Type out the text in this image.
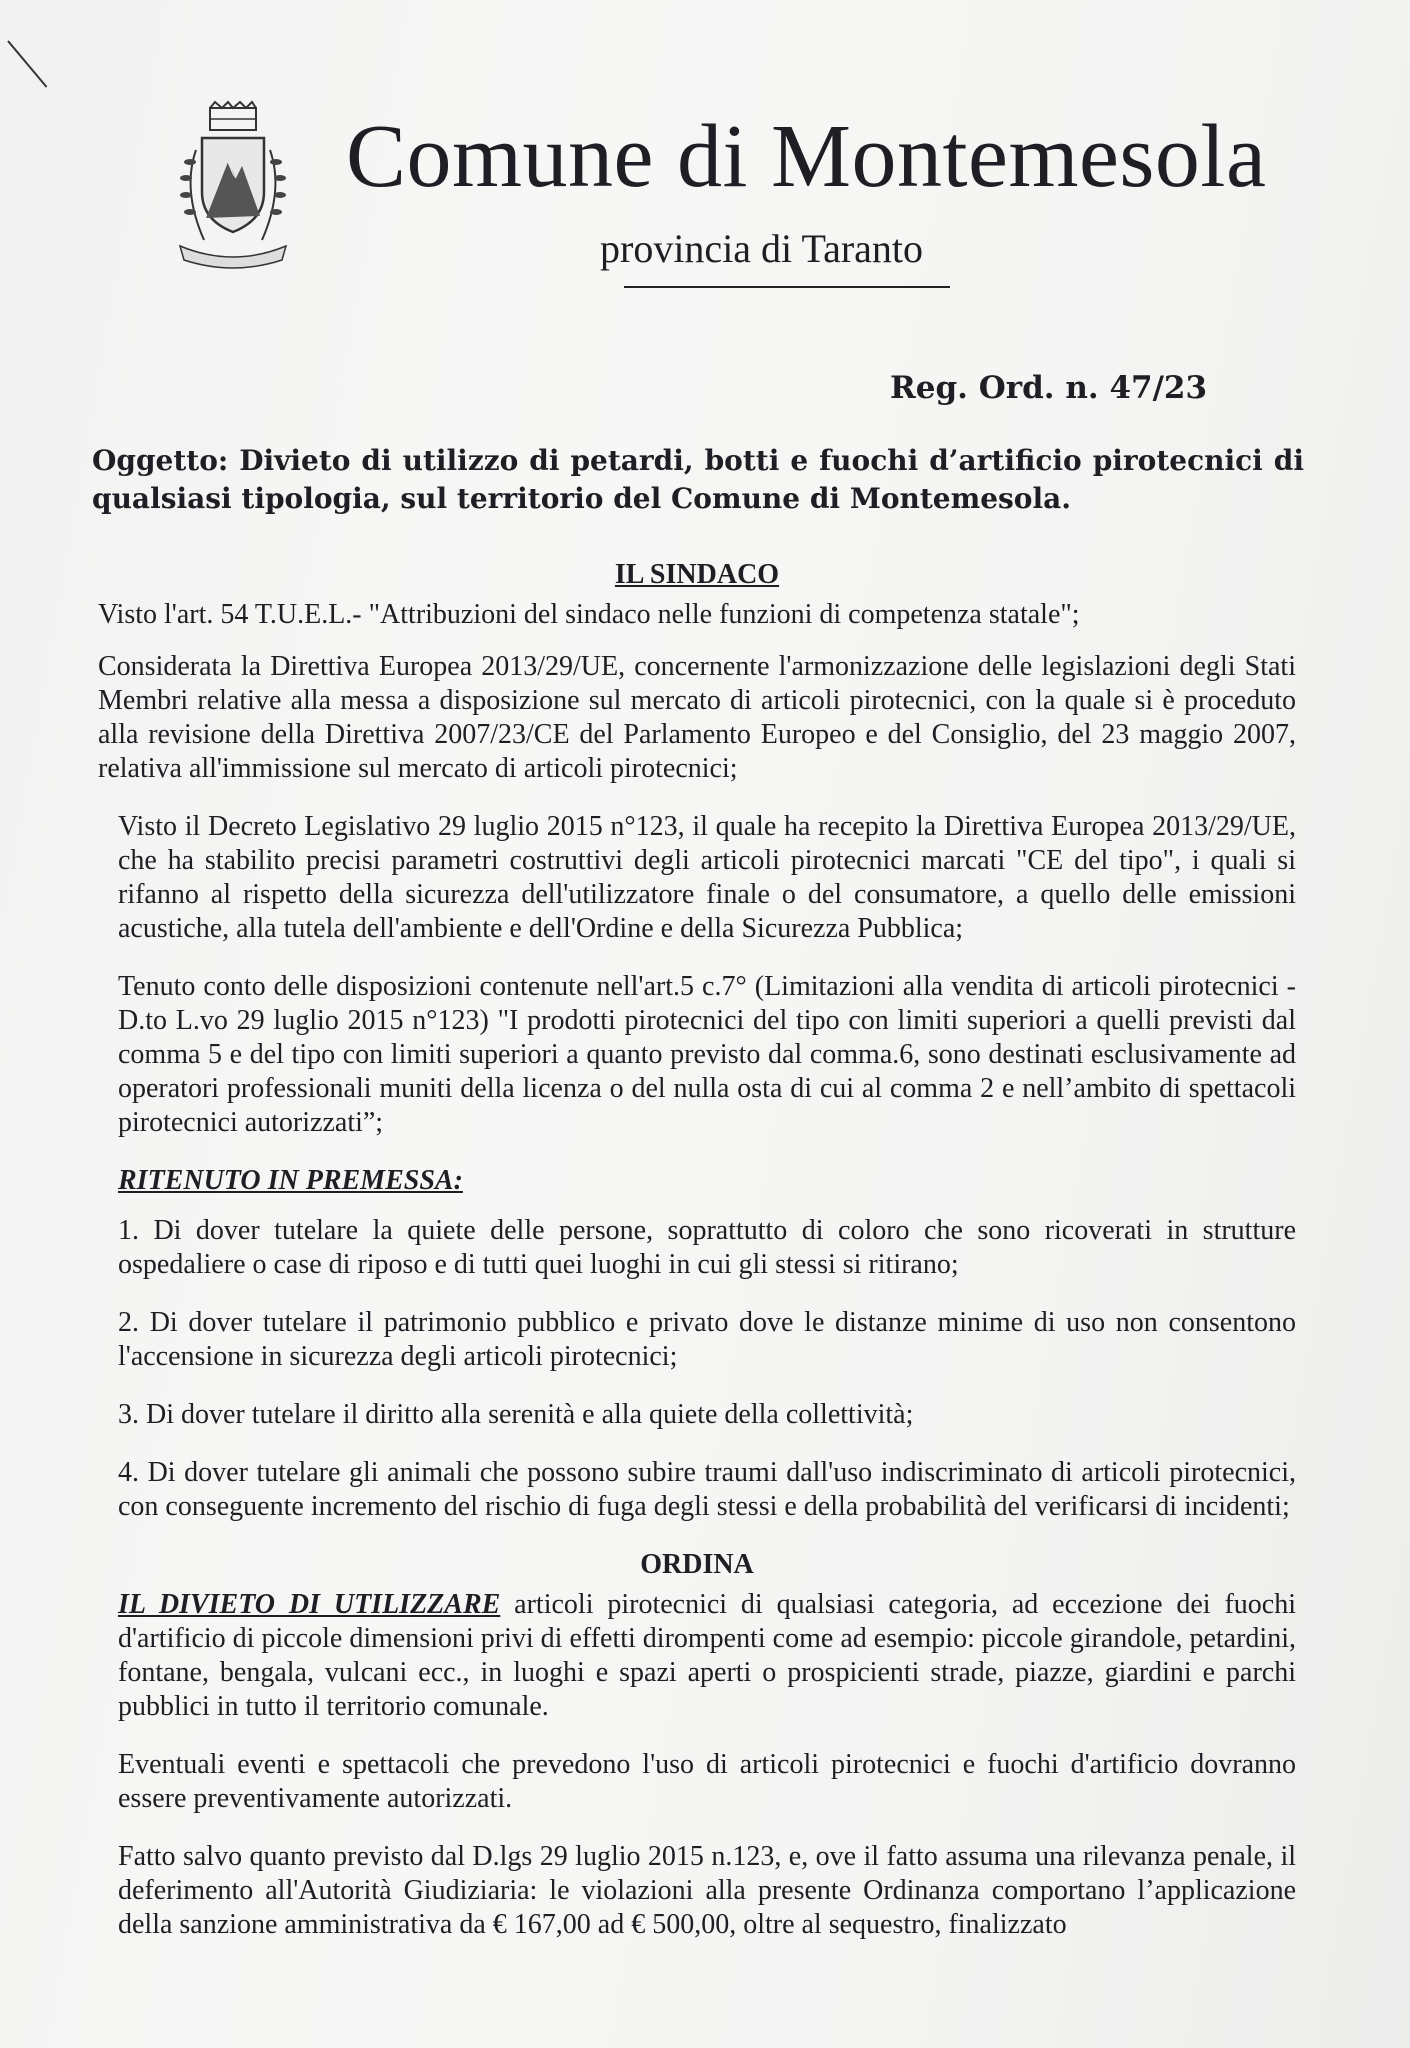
Comune di Montemesola
provincia di Taranto
Reg. Ord. n. 47/23
Oggetto: Divieto di utilizzo di petardi, botti e fuochi d’artificio pirotecnici di qualsiasi tipologia, sul territorio del Comune di Montemesola.
IL SINDACO
Visto l'art. 54 T.U.E.L.- "Attribuzioni del sindaco nelle funzioni di competenza statale";
Considerata la Direttiva Europea 2013/29/UE, concernente l'armonizzazione delle legislazioni degli Stati Membri relative alla messa a disposizione sul mercato di articoli pirotecnici, con la quale si è proceduto alla revisione della Direttiva 2007/23/CE del Parlamento Europeo e del Consiglio, del 23 maggio 2007, relativa all'immissione sul mercato di articoli pirotecnici;
Visto il Decreto Legislativo 29 luglio 2015 n°123, il quale ha recepito la Direttiva Europea 2013/29/UE, che ha stabilito precisi parametri costruttivi degli articoli pirotecnici marcati "CE del tipo", i quali si rifanno al rispetto della sicurezza dell'utilizzatore finale o del consumatore, a quello delle emissioni acustiche, alla tutela dell'ambiente e dell'Ordine e della Sicurezza Pubblica;
Tenuto conto delle disposizioni contenute nell'art.5 c.7° (Limitazioni alla vendita di articoli pirotecnici - D.to L.vo 29 luglio 2015 n°123) "I prodotti pirotecnici del tipo con limiti superiori a quelli previsti dal comma 5 e del tipo con limiti superiori a quanto previsto dal comma.6, sono destinati esclusivamente ad operatori professionali muniti della licenza o del nulla osta di cui al comma 2 e nell’ambito di spettacoli pirotecnici autorizzati”;
RITENUTO IN PREMESSA:
1. Di dover tutelare la quiete delle persone, soprattutto di coloro che sono ricoverati in strutture ospedaliere o case di riposo e di tutti quei luoghi in cui gli stessi si ritirano;
2. Di dover tutelare il patrimonio pubblico e privato dove le distanze minime di uso non consentono l'accensione in sicurezza degli articoli pirotecnici;
3. Di dover tutelare il diritto alla serenità e alla quiete della collettività;
4. Di dover tutelare gli animali che possono subire traumi dall'uso indiscriminato di articoli pirotecnici, con conseguente incremento del rischio di fuga degli stessi e della probabilità del verificarsi di incidenti;
ORDINA
IL DIVIETO DI UTILIZZARE articoli pirotecnici di qualsiasi categoria, ad eccezione dei fuochi d'artificio di piccole dimensioni privi di effetti dirompenti come ad esempio: piccole girandole, petardini, fontane, bengala, vulcani ecc., in luoghi e spazi aperti o prospicienti strade, piazze, giardini e parchi pubblici in tutto il territorio comunale.
Eventuali eventi e spettacoli che prevedono l'uso di articoli pirotecnici e fuochi d'artificio dovranno essere preventivamente autorizzati.
Fatto salvo quanto previsto dal D.lgs 29 luglio 2015 n.123, e, ove il fatto assuma una rilevanza penale, il deferimento all'Autorità Giudiziaria: le violazioni alla presente Ordinanza comportano l’applicazione della sanzione amministrativa da € 167,00 ad € 500,00, oltre al sequestro, finalizzato
